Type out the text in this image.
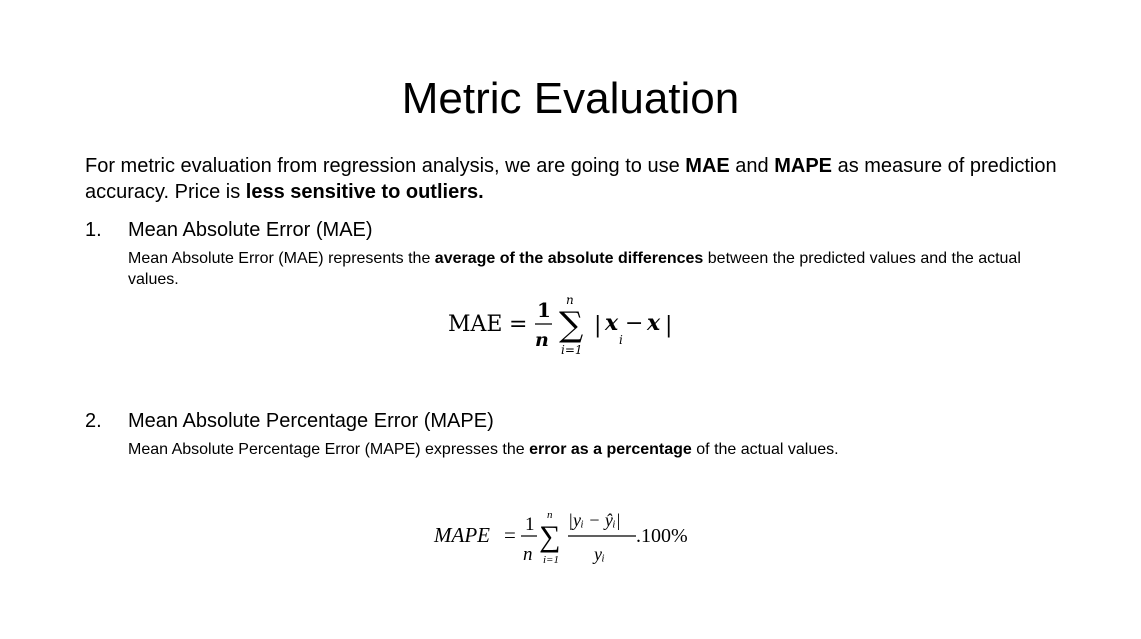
Metric Evaluation
For metric evaluation from regression analysis, we are going to use MAE and MAPE as measure of prediction accuracy. Price is less sensitive to outliers.
1. Mean Absolute Error (MAE)
Mean Absolute Error (MAE) represents the average of the absolute differences between the predicted values and the actual values.
MAE =
1
n
n
∑
i=1
| x
i
− x |
2. Mean Absolute Percentage Error (MAPE)
Mean Absolute Percentage Error (MAPE) expresses the error as a percentage of the actual values.
MAPE = 1
n
n
∑
i=1
|yᵢ − ŷᵢ|
yᵢ
.100%
